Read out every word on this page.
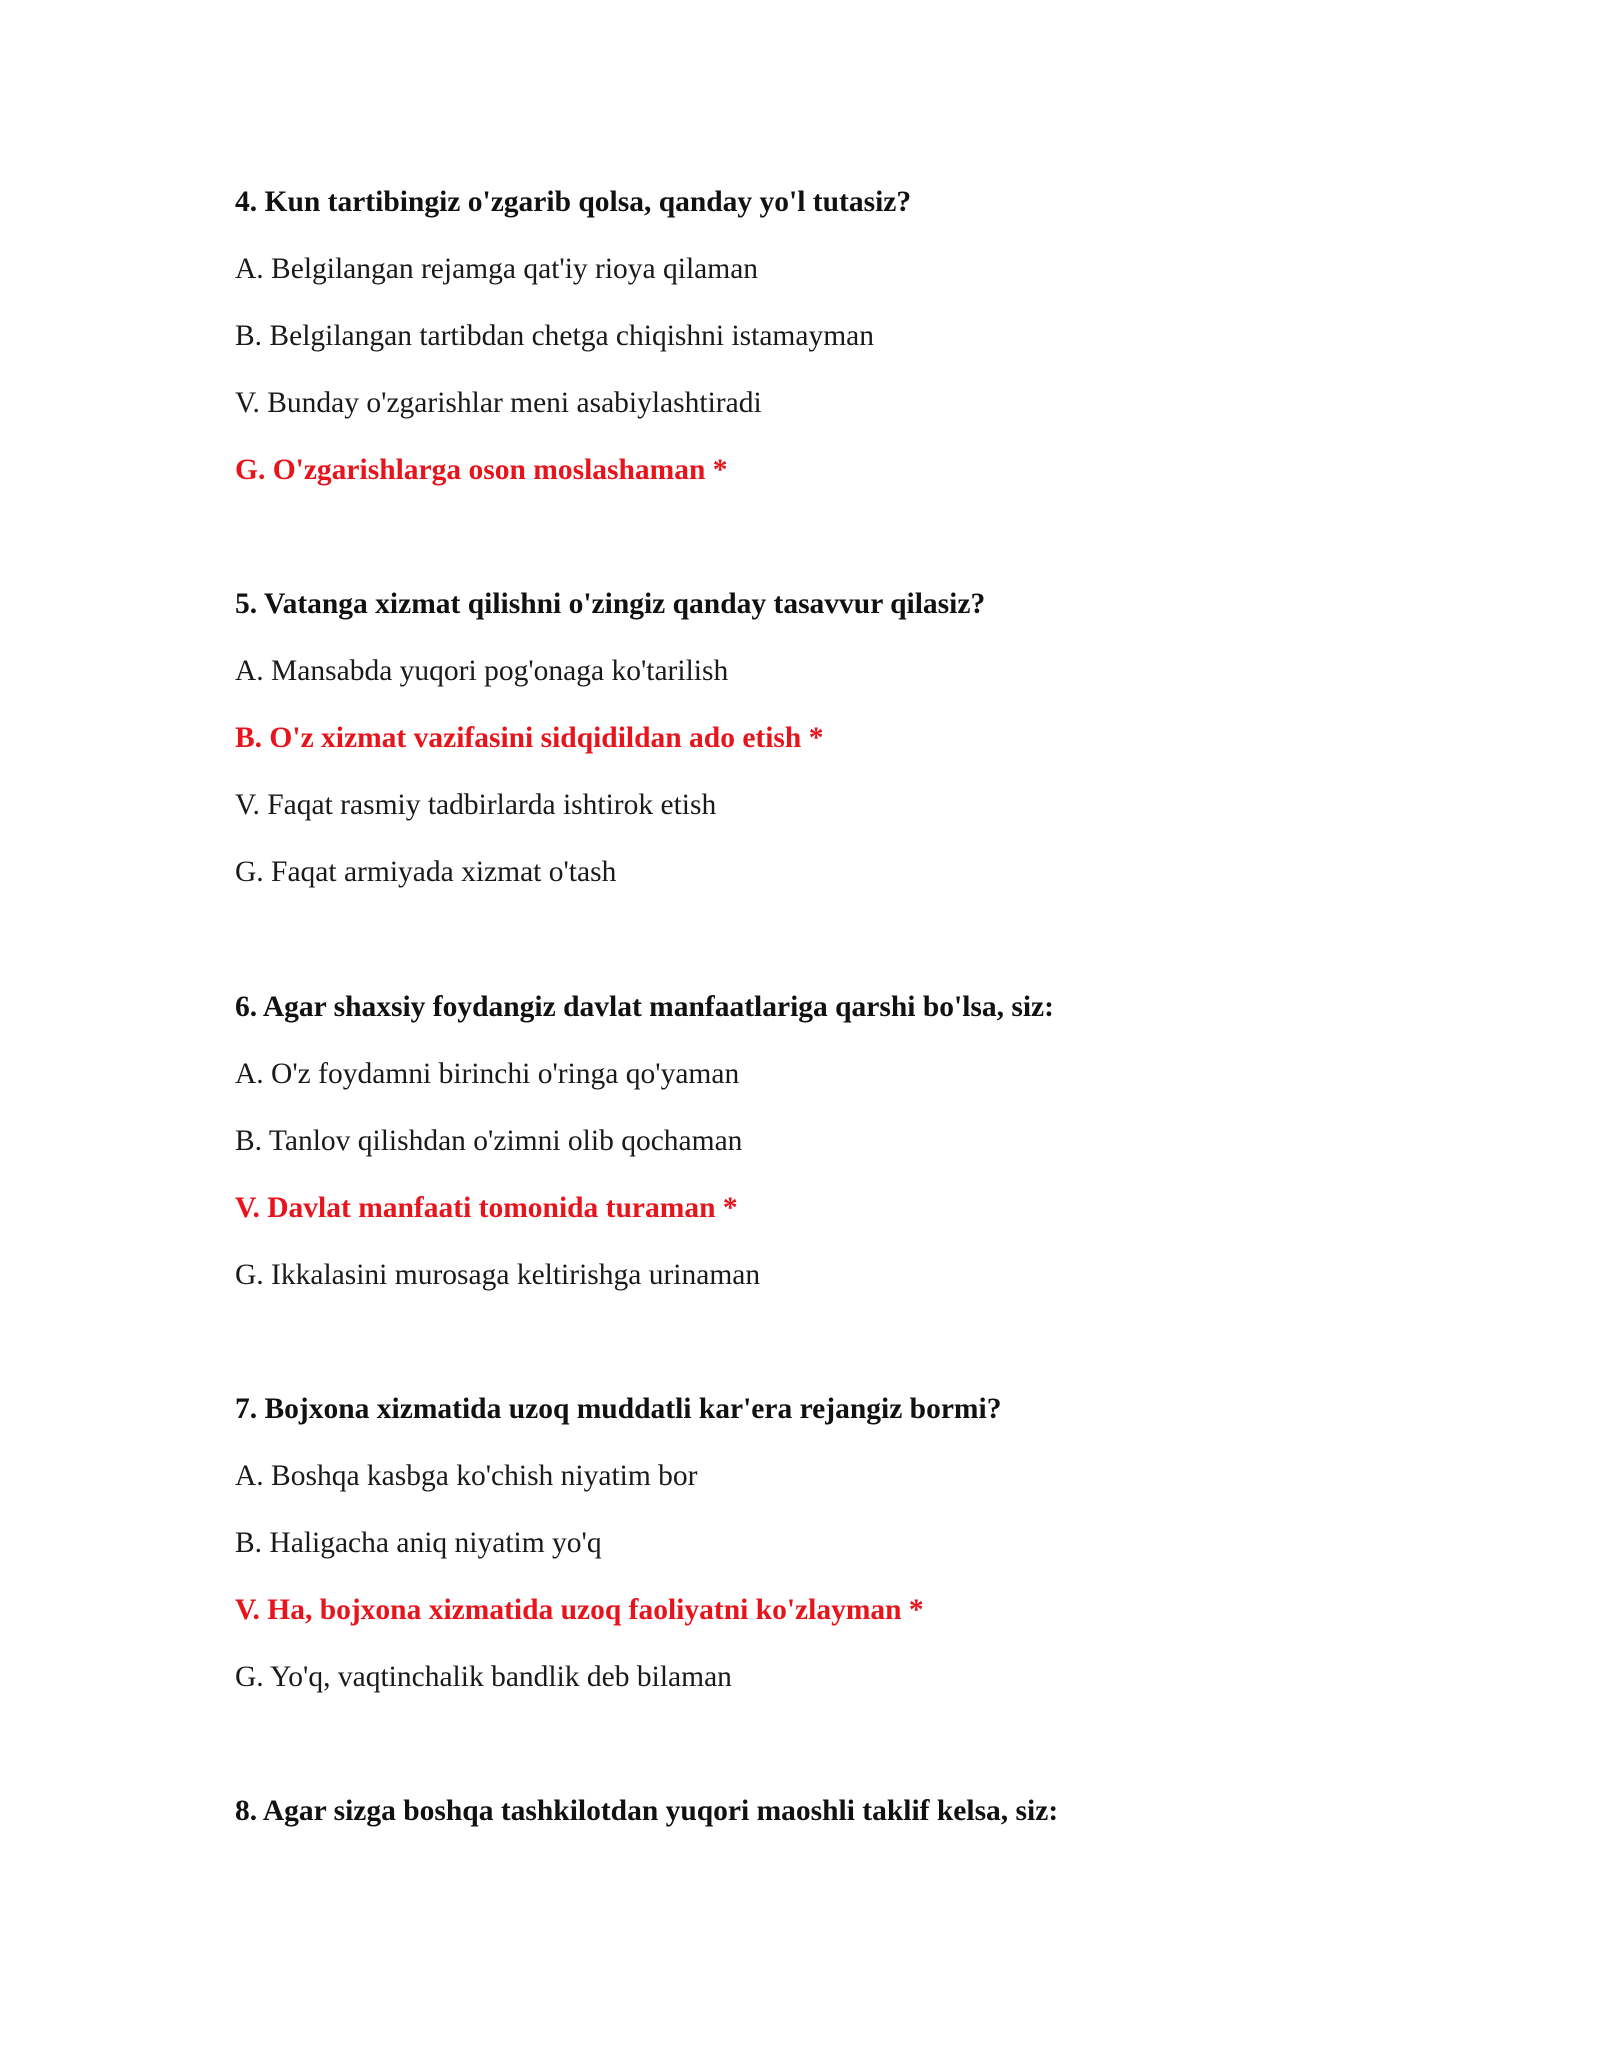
4. Kun tartibingiz o'zgarib qolsa, qanday yo'l tutasiz?
A. Belgilangan rejamga qat'iy rioya qilaman
B. Belgilangan tartibdan chetga chiqishni istamayman
V. Bunday o'zgarishlar meni asabiylashtiradi
G. O'zgarishlarga oson moslashaman *
5. Vatanga xizmat qilishni o'zingiz qanday tasavvur qilasiz?
A. Mansabda yuqori pog'onaga ko'tarilish
B. O'z xizmat vazifasini sidqidildan ado etish *
V. Faqat rasmiy tadbirlarda ishtirok etish
G. Faqat armiyada xizmat o'tash
6. Agar shaxsiy foydangiz davlat manfaatlariga qarshi bo'lsa, siz:
A. O'z foydamni birinchi o'ringa qo'yaman
B. Tanlov qilishdan o'zimni olib qochaman
V. Davlat manfaati tomonida turaman *
G. Ikkalasini murosaga keltirishga urinaman
7. Bojxona xizmatida uzoq muddatli kar'era rejangiz bormi?
A. Boshqa kasbga ko'chish niyatim bor
B. Haligacha aniq niyatim yo'q
V. Ha, bojxona xizmatida uzoq faoliyatni ko'zlayman *
G. Yo'q, vaqtinchalik bandlik deb bilaman
8. Agar sizga boshqa tashkilotdan yuqori maoshli taklif kelsa, siz:
